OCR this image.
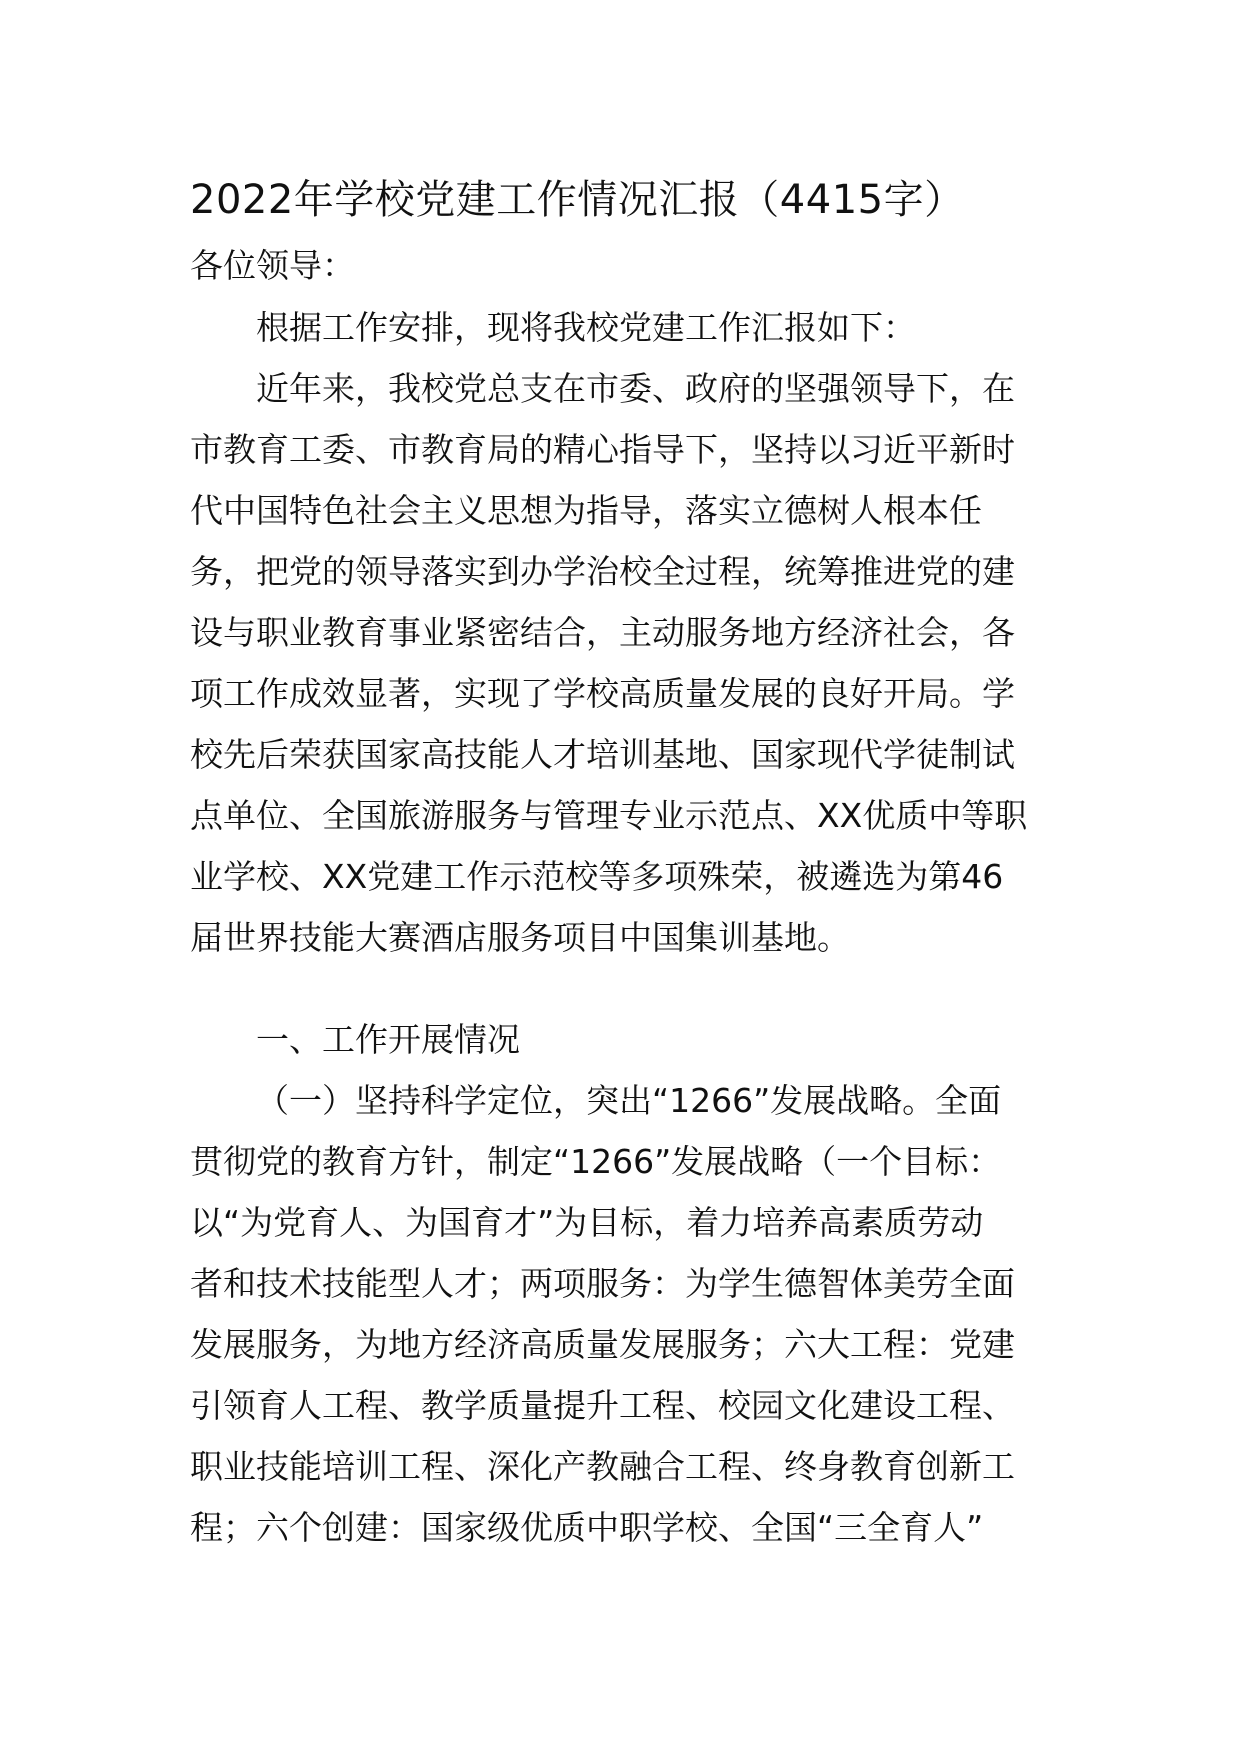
2022年学校党建工作情况汇报（4415字）

各位领导：

根据工作安排，现将我校党建工作汇报如下：

近年来，我校党总支在市委、政府的坚强领导下，在

市教育工委、市教育局的精心指导下，坚持以习近平新时

代中国特色社会主义思想为指导，落实立德树人根本任

务，把党的领导落实到办学治校全过程，统筹推进党的建

设与职业教育事业紧密结合，主动服务地方经济社会，各

项工作成效显著，实现了学校高质量发展的良好开局。学

校先后荣获国家高技能人才培训基地、国家现代学徒制试

点单位、全国旅游服务与管理专业示范点、XX优质中等职

业学校、XX党建工作示范校等多项殊荣，被遴选为第46

届世界技能大赛酒店服务项目中国集训基地。

一、工作开展情况

（一）坚持科学定位，突出“1266”发展战略。全面

贯彻党的教育方针，制定“1266”发展战略（一个目标：

以“为党育人、为国育才”为目标，着力培养高素质劳动

者和技术技能型人才；两项服务：为学生德智体美劳全面

发展服务，为地方经济高质量发展服务；六大工程：党建

引领育人工程、教学质量提升工程、校园文化建设工程、

职业技能培训工程、深化产教融合工程、终身教育创新工

程；六个创建：国家级优质中职学校、全国“三全育人”
